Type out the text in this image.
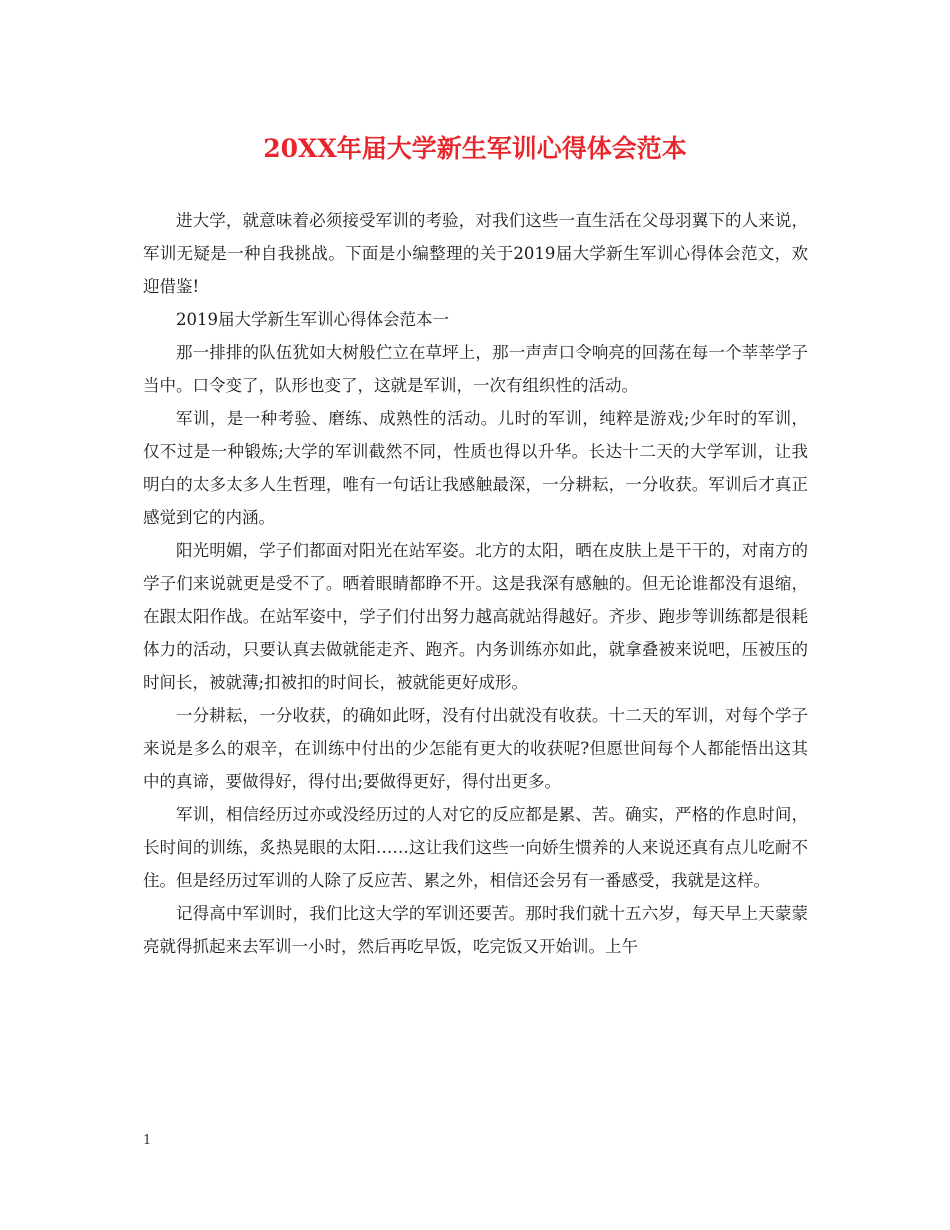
20XX年届大学新生军训心得体会范本

进大学，就意味着必须接受军训的考验，对我们这些一直生活在父母羽翼下的人来说，军训无疑是一种自我挑战。下面是小编整理的关于2019届大学新生军训心得体会范文，欢迎借鉴!

2019届大学新生军训心得体会范本一

那一排排的队伍犹如大树般伫立在草坪上，那一声声口令响亮的回荡在每一个莘莘学子当中。口令变了，队形也变了，这就是军训，一次有组织性的活动。

军训，是一种考验、磨练、成熟性的活动。儿时的军训，纯粹是游戏;少年时的军训，仅不过是一种锻炼;大学的军训截然不同，性质也得以升华。长达十二天的大学军训，让我明白的太多太多人生哲理，唯有一句话让我感触最深，一分耕耘，一分收获。军训后才真正感觉到它的内涵。

阳光明媚，学子们都面对阳光在站军姿。北方的太阳，晒在皮肤上是干干的，对南方的学子们来说就更是受不了。晒着眼睛都睁不开。这是我深有感触的。但无论谁都没有退缩，在跟太阳作战。在站军姿中，学子们付出努力越高就站得越好。齐步、跑步等训练都是很耗体力的活动，只要认真去做就能走齐、跑齐。内务训练亦如此，就拿叠被来说吧，压被压的时间长，被就薄;扣被扣的时间长，被就能更好成形。

一分耕耘，一分收获，的确如此呀，没有付出就没有收获。十二天的军训，对每个学子来说是多么的艰辛，在训练中付出的少怎能有更大的收获呢?但愿世间每个人都能悟出这其中的真谛，要做得好，得付出;要做得更好，得付出更多。

军训，相信经历过亦或没经历过的人对它的反应都是累、苦。确实，严格的作息时间，长时间的训练，炙热晃眼的太阳……这让我们这些一向娇生惯养的人来说还真有点儿吃耐不住。但是经历过军训的人除了反应苦、累之外，相信还会另有一番感受，我就是这样。

记得高中军训时，我们比这大学的军训还要苦。那时我们就十五六岁，每天早上天蒙蒙亮就得抓起来去军训一小时，然后再吃早饭，吃完饭又开始训。上午

1
